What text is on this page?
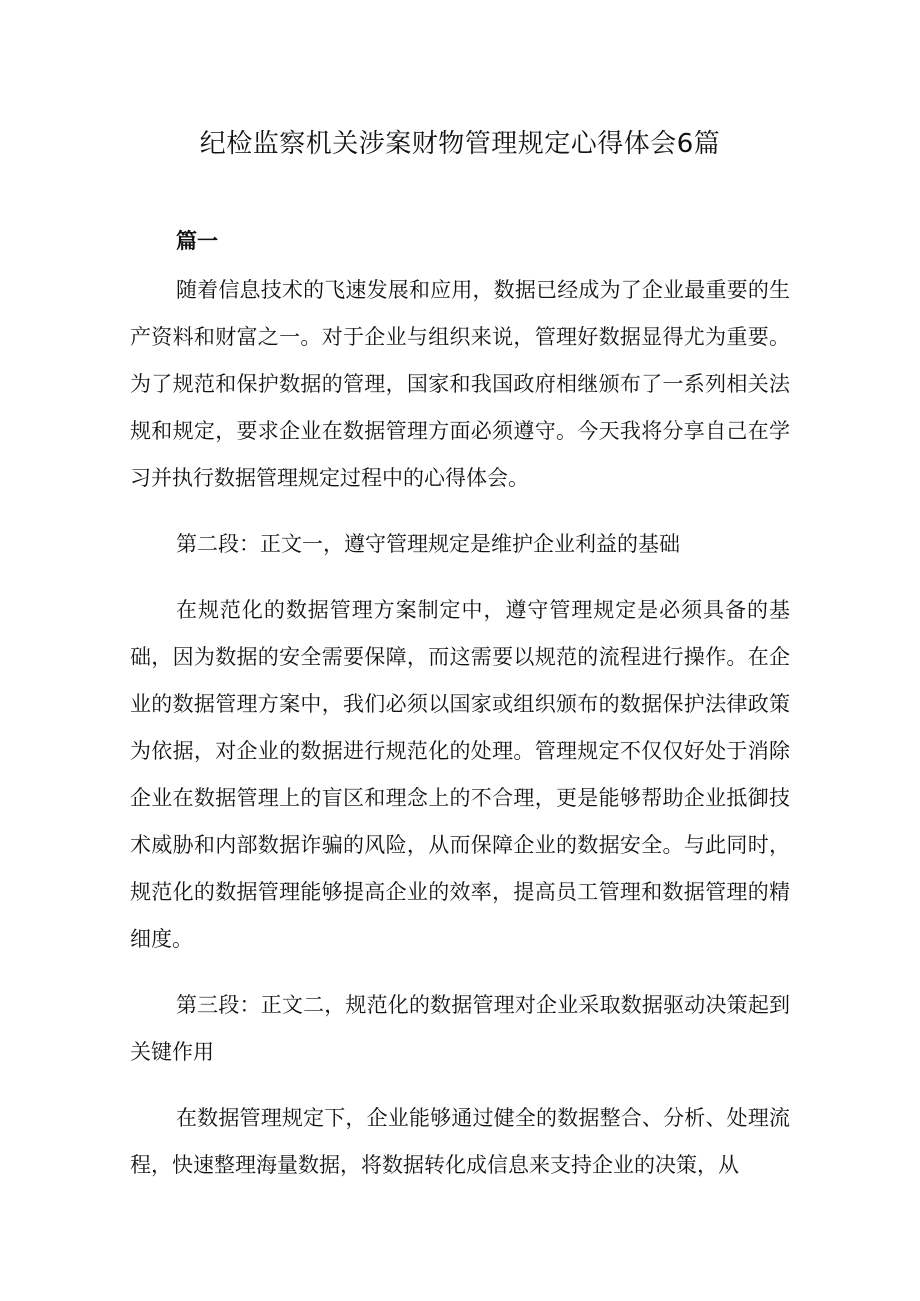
纪检监察机关涉案财物管理规定心得体会6篇
篇一

随着信息技术的飞速发展和应用，数据已经成为了企业最重要的生产资料和财富之一。对于企业与组织来说，管理好数据显得尤为重要。为了规范和保护数据的管理，国家和我国政府相继颁布了一系列相关法规和规定，要求企业在数据管理方面必须遵守。今天我将分享自己在学习并执行数据管理规定过程中的心得体会。

第二段：正文一，遵守管理规定是维护企业利益的基础

在规范化的数据管理方案制定中，遵守管理规定是必须具备的基础，因为数据的安全需要保障，而这需要以规范的流程进行操作。在企业的数据管理方案中，我们必须以国家或组织颁布的数据保护法律政策为依据，对企业的数据进行规范化的处理。管理规定不仅仅好处于消除企业在数据管理上的盲区和理念上的不合理，更是能够帮助企业抵御技术威胁和内部数据诈骗的风险，从而保障企业的数据安全。与此同时，规范化的数据管理能够提高企业的效率，提高员工管理和数据管理的精细度。

第三段：正文二，规范化的数据管理对企业采取数据驱动决策起到关键作用

在数据管理规定下，企业能够通过健全的数据整合、分析、处理流程，快速整理海量数据，将数据转化成信息来支持企业的决策，从
